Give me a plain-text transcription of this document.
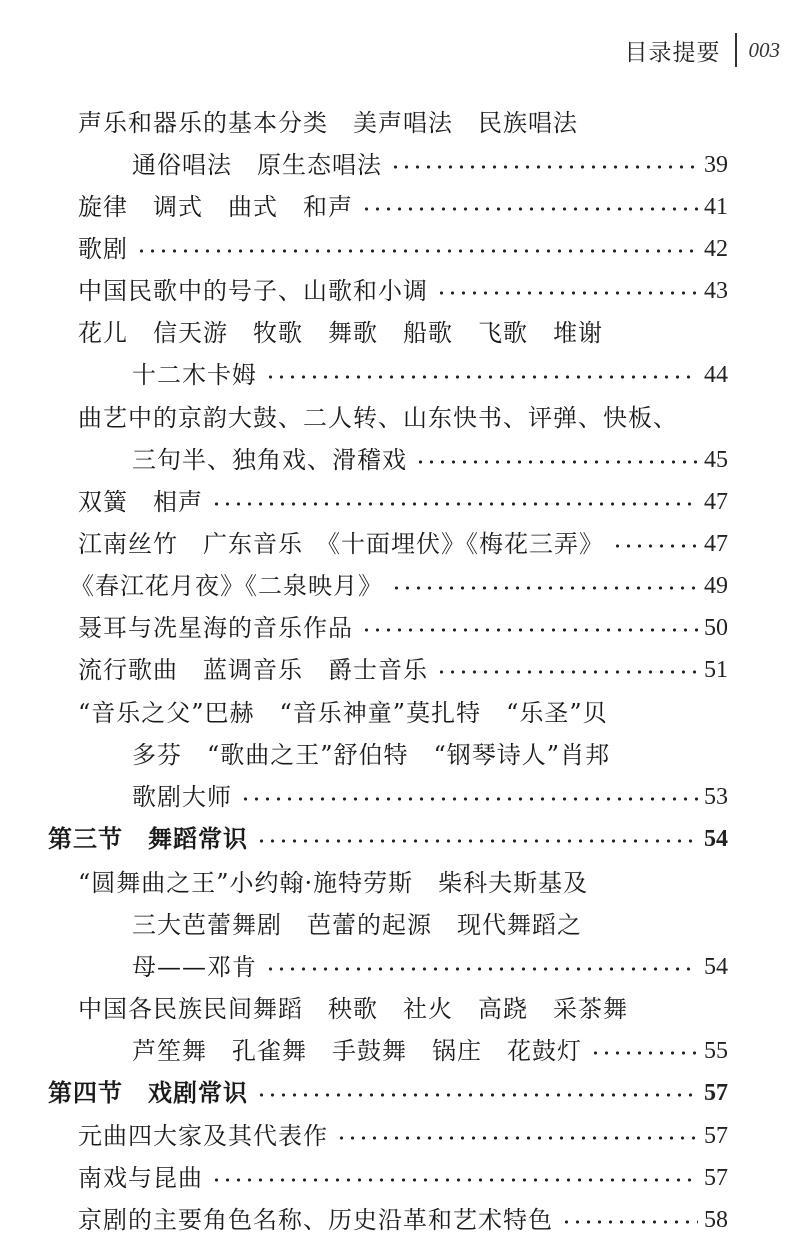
目录提要 003
声乐和器乐的基本分类　美声唱法　民族唱法
通俗唱法　原生态唱法	39
旋律　调式　曲式　和声	41
歌剧	42
中国民歌中的号子、山歌和小调	43
花儿　信天游　牧歌　舞歌　船歌　飞歌　堆谢
十二木卡姆	44
曲艺中的京韵大鼓、二人转、山东快书、评弹、快板、
三句半、独角戏、滑稽戏	45
双簧　相声	47
江南丝竹　广东音乐　《十面埋伏》《梅花三弄》	47
《春江花月夜》《二泉映月》	49
聂耳与冼星海的音乐作品	50
流行歌曲　蓝调音乐　爵士音乐	51
“音乐之父”巴赫　“音乐神童”莫扎特　“乐圣”贝
多芬　“歌曲之王”舒伯特　“钢琴诗人”肖邦
歌剧大师	53
第三节　舞蹈常识	54
“圆舞曲之王”小约翰·施特劳斯　柴科夫斯基及
三大芭蕾舞剧　芭蕾的起源　现代舞蹈之
母——邓肯	54
中国各民族民间舞蹈　秧歌　社火　高跷　采茶舞
芦笙舞　孔雀舞　手鼓舞　锅庄　花鼓灯	55
第四节　戏剧常识	57
元曲四大家及其代表作	57
南戏与昆曲	57
京剧的主要角色名称、历史沿革和艺术特色	58
